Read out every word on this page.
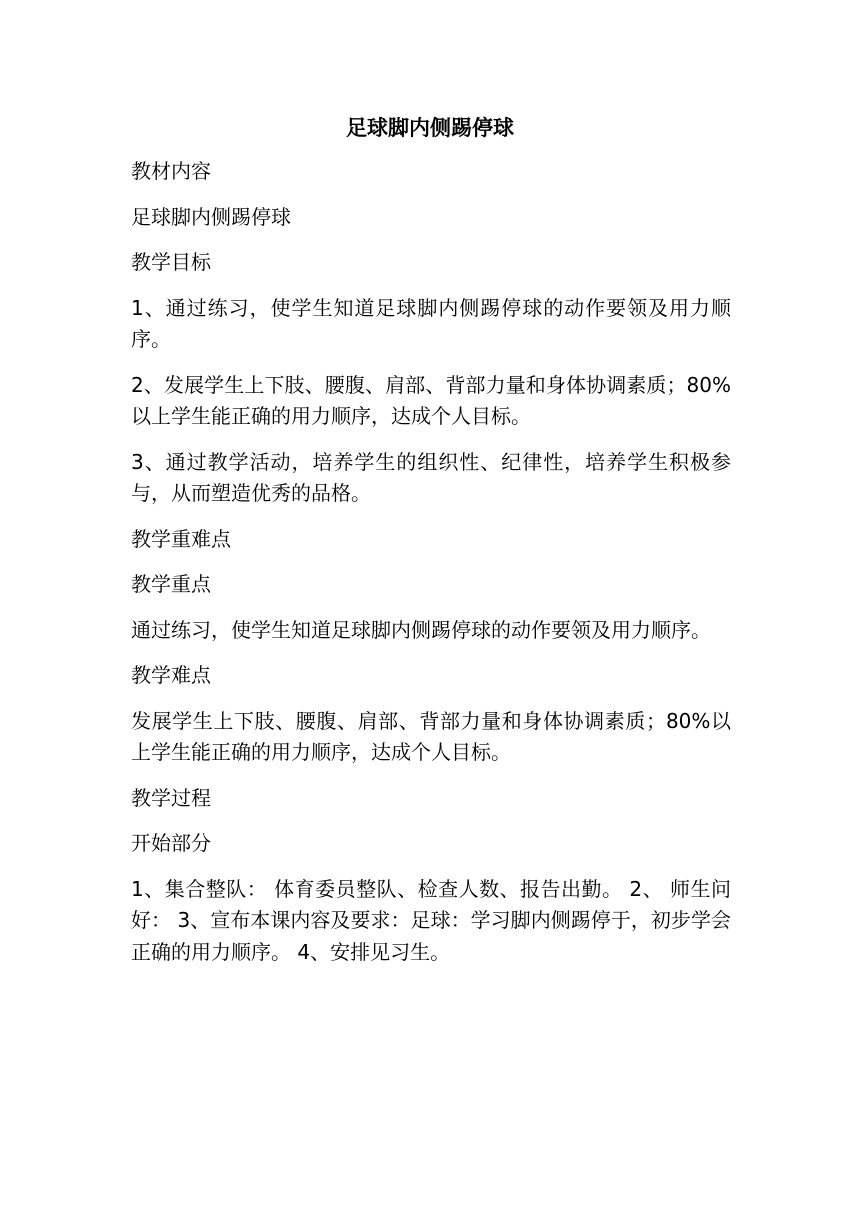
足球脚内侧踢停球

教材内容

足球脚内侧踢停球

教学目标

1、通过练习，使学生知道足球脚内侧踢停球的动作要领及用力顺序。

2、发展学生上下肢、腰腹、肩部、背部力量和身体协调素质；80%以上学生能正确的用力顺序，达成个人目标。

3、通过教学活动，培养学生的组织性、纪律性，培养学生积极参与，从而塑造优秀的品格。

教学重难点

教学重点

通过练习，使学生知道足球脚内侧踢停球的动作要领及用力顺序。

教学难点

发展学生上下肢、腰腹、肩部、背部力量和身体协调素质；80%以上学生能正确的用力顺序，达成个人目标。

教学过程

开始部分

1、集合整队： 体育委员整队、检查人数、报告出勤。 2、 师生问好： 3、宣布本课内容及要求：足球：学习脚内侧踢停于，初步学会正确的用力顺序。 4、安排见习生。
